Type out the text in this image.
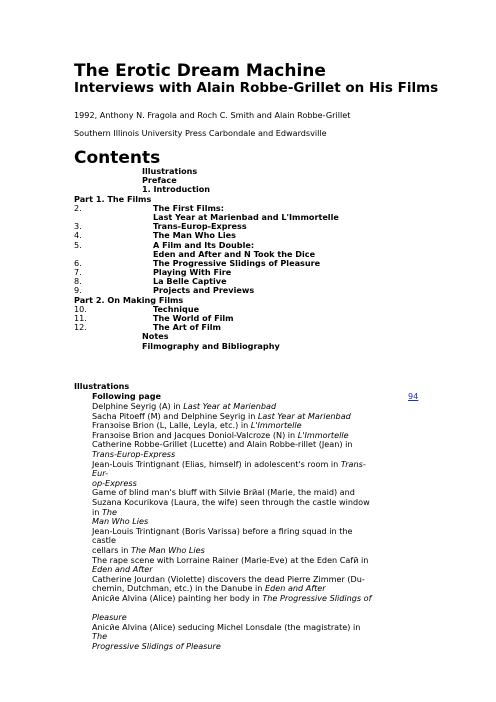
The Erotic Dream Machine
Interviews with Alain Robbe-Grillet on His Films
1992, Anthony N. Fragola and Roch C. Smith and Alain Robbe-Grillet
Southern Illinois University Press Carbondale and Edwardsville
Contents
Illustrations
Preface
1. Introduction
Part 1. The Films
2.	The First Films:
Last Year at Marienbad and L'Immortelle
3.	Trans-Europ-Express
4.	The Man Who Lies
5.	A Film and Its Double:
Eden and After and N Took the Dice
6.	The Progressive Slidings of Pleasure
7.	Playing With Fire
8.	La Belle Captive
9.	Projects and Previews
Part 2. On Making Films
10.	Technique
11.	The World of Film
12.	The Art of Film
Notes
Filmography and Bibliography
Illustrations
Following page	94
Delphine Seyrig (A) in Last Year at Marienbad
Sacha Pitoeff (M) and Delphine Seyrig in Last Year at Marienbad
Franзoise Brion (L, Lalle, Leyla, etc.) in L'Immortelle
Franзoise Brion and Jacques Doniol-Valcroze (N) in L'Immortelle
Catherine Robbe-Grillet (Lucette) and Alain Robbe-rillet (Jean) in
Trans-Europ-Express
Jean-Louis Trintignant (Elias, himself) in adolescent's room in Trans-
Eur-
op-Express
Game of blind man's bluff with Silvie Brйal (Marie, the maid) and
Suzana Kocurikova (Laura, the wife) seen through the castle window
in The
Man Who Lies
Jean-Louis Trintignant (Boris Varissa) before a firing squad in the
castle
cellars in The Man Who Lies
The rape scene with Lorraine Rainer (Marie-Eve) at the Eden Cafй in
Eden and After
Catherine Jourdan (Violette) discovers the dead Pierre Zimmer (Du-
chemin, Dutchman, etc.) in the Danube in Eden and After
Anicйe Alvina (Alice) painting her body in The Progressive Slidings of
Pleasure
Anicйe Alvina (Alice) seducing Michel Lonsdale (the magistrate) in
The
Progressive Slidings of Pleasure
